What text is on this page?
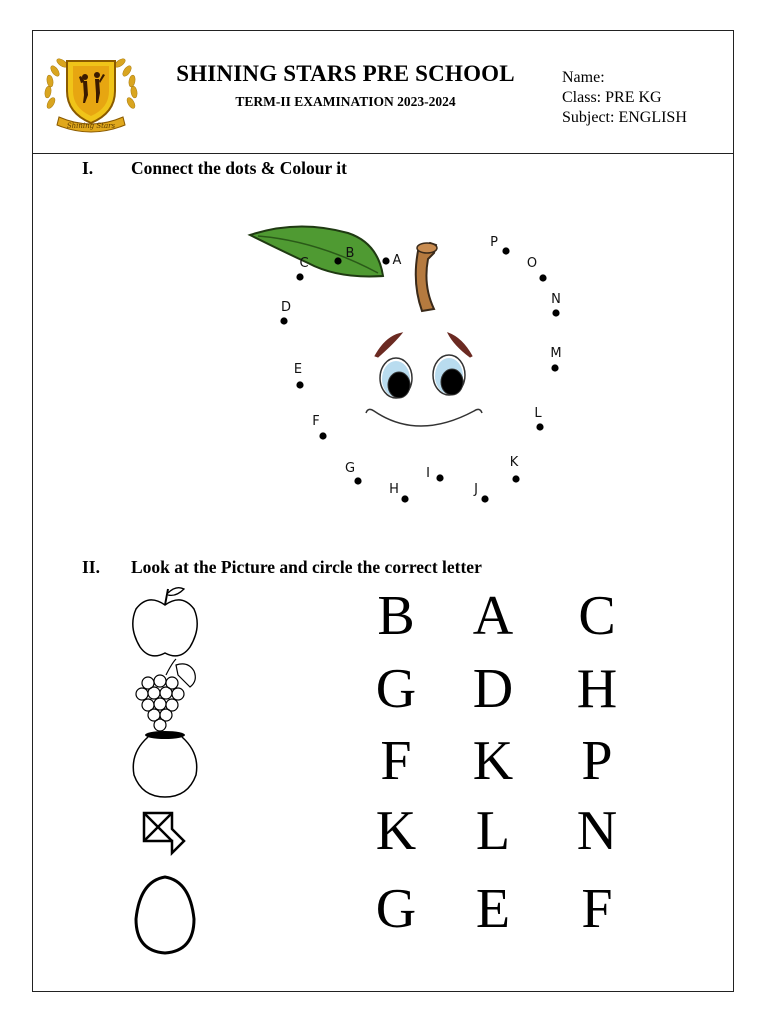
Shining Stars
SHINING STARS PRE SCHOOL
TERM-II EXAMINATION 2023-2024
Name:
Class: PRE KG
Subject: ENGLISH
I. Connect the dots & Colour it
A
B
C
D
E
F
G
H
I
J
K
L
M
N
O
P
II. Look at the Picture and circle the correct letter
B A C
G D H
F	K	P
K	L	N
G	E	F
